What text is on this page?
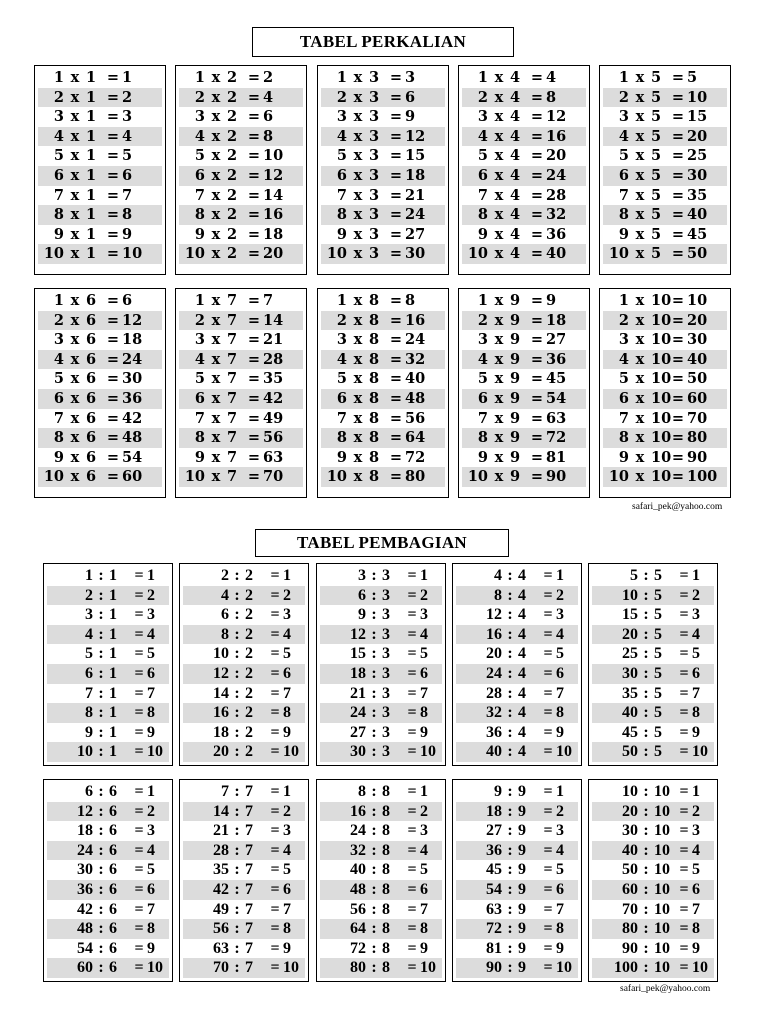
TABEL PERKALIAN
1 x 1 = 1
2 x 1 = 2
3 x 1 = 3
4 x 1 = 4
5 x 1 = 5
6 x 1 = 6
7 x 1 = 7
8 x 1 = 8
9 x 1 = 9
10 x 1 = 10
1 x 2 = 2
2 x 2 = 4
3 x 2 = 6
4 x 2 = 8
5 x 2 = 10
6 x 2 = 12
7 x 2 = 14
8 x 2 = 16
9 x 2 = 18
10 x 2 = 20
1 x 3 = 3
2 x 3 = 6
3 x 3 = 9
4 x 3 = 12
5 x 3 = 15
6 x 3 = 18
7 x 3 = 21
8 x 3 = 24
9 x 3 = 27
10 x 3 = 30
1 x 4 = 4
2 x 4 = 8
3 x 4 = 12
4 x 4 = 16
5 x 4 = 20
6 x 4 = 24
7 x 4 = 28
8 x 4 = 32
9 x 4 = 36
10 x 4 = 40
1 x 5 = 5
2 x 5 = 10
3 x 5 = 15
4 x 5 = 20
5 x 5 = 25
6 x 5 = 30
7 x 5 = 35
8 x 5 = 40
9 x 5 = 45
10 x 5 = 50
1 x 6 = 6
2 x 6 = 12
3 x 6 = 18
4 x 6 = 24
5 x 6 = 30
6 x 6 = 36
7 x 6 = 42
8 x 6 = 48
9 x 6 = 54
10 x 6 = 60
1 x 7 = 7
2 x 7 = 14
3 x 7 = 21
4 x 7 = 28
5 x 7 = 35
6 x 7 = 42
7 x 7 = 49
8 x 7 = 56
9 x 7 = 63
10 x 7 = 70
1 x 8 = 8
2 x 8 = 16
3 x 8 = 24
4 x 8 = 32
5 x 8 = 40
6 x 8 = 48
7 x 8 = 56
8 x 8 = 64
9 x 8 = 72
10 x 8 = 80
1 x 9 = 9
2 x 9 = 18
3 x 9 = 27
4 x 9 = 36
5 x 9 = 45
6 x 9 = 54
7 x 9 = 63
8 x 9 = 72
9 x 9 = 81
10 x 9 = 90
1 x 10 = 10
2 x 10 = 20
3 x 10 = 30
4 x 10 = 40
5 x 10 = 50
6 x 10 = 60
7 x 10 = 70
8 x 10 = 80
9 x 10 = 90
10 x 10 = 100
safari_pek@yahoo.com
TABEL PEMBAGIAN
1 : 1	= 1
2 : 1	= 2
3 : 1	= 3
4 : 1	= 4
5 : 1	= 5
6 : 1	= 6
7 : 1	= 7
8 : 1	= 8
9 : 1	= 9
10 : 1	= 10
2 : 2	= 1
4 : 2	= 2
6 : 2	= 3
8 : 2	= 4
10 : 2	= 5
12 : 2	= 6
14 : 2	= 7
16 : 2	= 8
18 : 2	= 9
20 : 2	= 10
3 : 3	= 1
6 : 3	= 2
9 : 3	= 3
12 : 3	= 4
15 : 3	= 5
18 : 3	= 6
21 : 3	= 7
24 : 3	= 8
27 : 3	= 9
30 : 3	= 10
4 : 4	= 1
8 : 4	= 2
12 : 4	= 3
16 : 4	= 4
20 : 4	= 5
24 : 4	= 6
28 : 4	= 7
32 : 4	= 8
36 : 4	= 9
40 : 4	= 10
5 : 5	= 1
10 : 5	= 2
15 : 5	= 3
20 : 5	= 4
25 : 5	= 5
30 : 5	= 6
35 : 5	= 7
40 : 5	= 8
45 : 5	= 9
50 : 5	= 10
6 : 6	= 1
12 : 6	= 2
18 : 6	= 3
24 : 6	= 4
30 : 6	= 5
36 : 6	= 6
42 : 6	= 7
48 : 6	= 8
54 : 6	= 9
60 : 6	= 10
7 : 7	= 1
14 : 7	= 2
21 : 7	= 3
28 : 7	= 4
35 : 7	= 5
42 : 7	= 6
49 : 7	= 7
56 : 7	= 8
63 : 7	= 9
70 : 7	= 10
8 : 8	= 1
16 : 8	= 2
24 : 8	= 3
32 : 8	= 4
40 : 8	= 5
48 : 8	= 6
56 : 8	= 7
64 : 8	= 8
72 : 8	= 9
80 : 8	= 10
9 : 9	= 1
18 : 9	= 2
27 : 9	= 3
36 : 9	= 4
45 : 9	= 5
54 : 9	= 6
63 : 9	= 7
72 : 9	= 8
81 : 9	= 9
90 : 9	= 10
10 : 10 = 1
20 : 10 = 2
30 : 10 = 3
40 : 10 = 4
50 : 10 = 5
60 : 10 = 6
70 : 10 = 7
80 : 10 = 8
90 : 10 = 9
100 : 10 = 10
safari_pek@yahoo.com
